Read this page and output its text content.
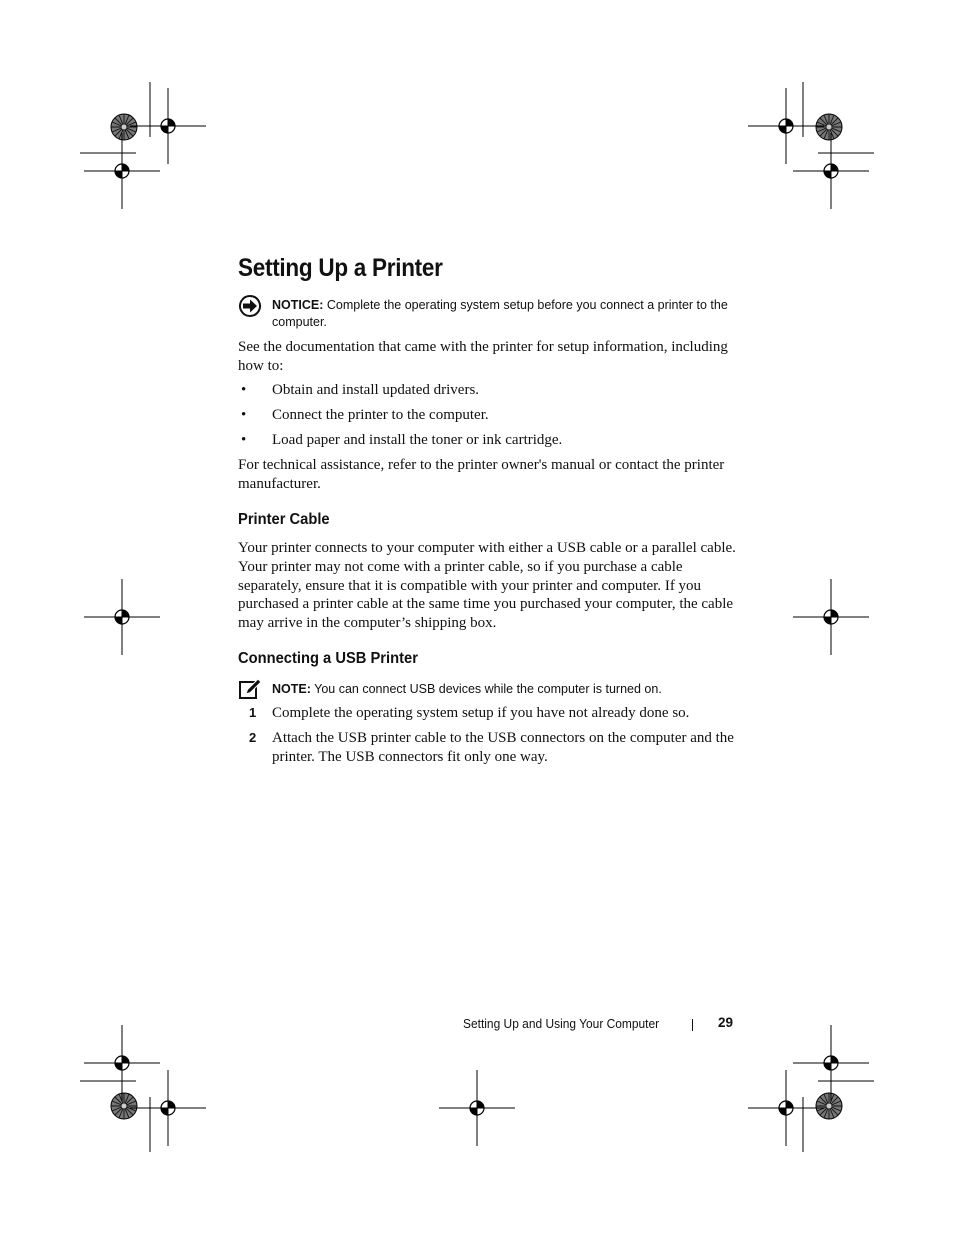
Setting Up a Printer
NOTICE: Complete the operating system setup before you connect a printer to the computer.

See the documentation that came with the printer for setup information, including how to:

• Obtain and install updated drivers.
• Connect the printer to the computer.
• Load paper and install the toner or ink cartridge.

For technical assistance, refer to the printer owner's manual or contact the printer manufacturer.

Printer Cable

Your printer connects to your computer with either a USB cable or a parallel cable. Your printer may not come with a printer cable, so if you purchase a cable separately, ensure that it is compatible with your printer and computer. If you purchased a printer cable at the same time you purchased your computer, the cable may arrive in the computer’s shipping box.

Connecting a USB Printer
NOTE: You can connect USB devices while the computer is turned on.
1 Complete the operating system setup if you have not already done so.
2 Attach the USB printer cable to the USB connectors on the computer and the printer. The USB connectors fit only one way.
Setting Up and Using Your Computer	29
